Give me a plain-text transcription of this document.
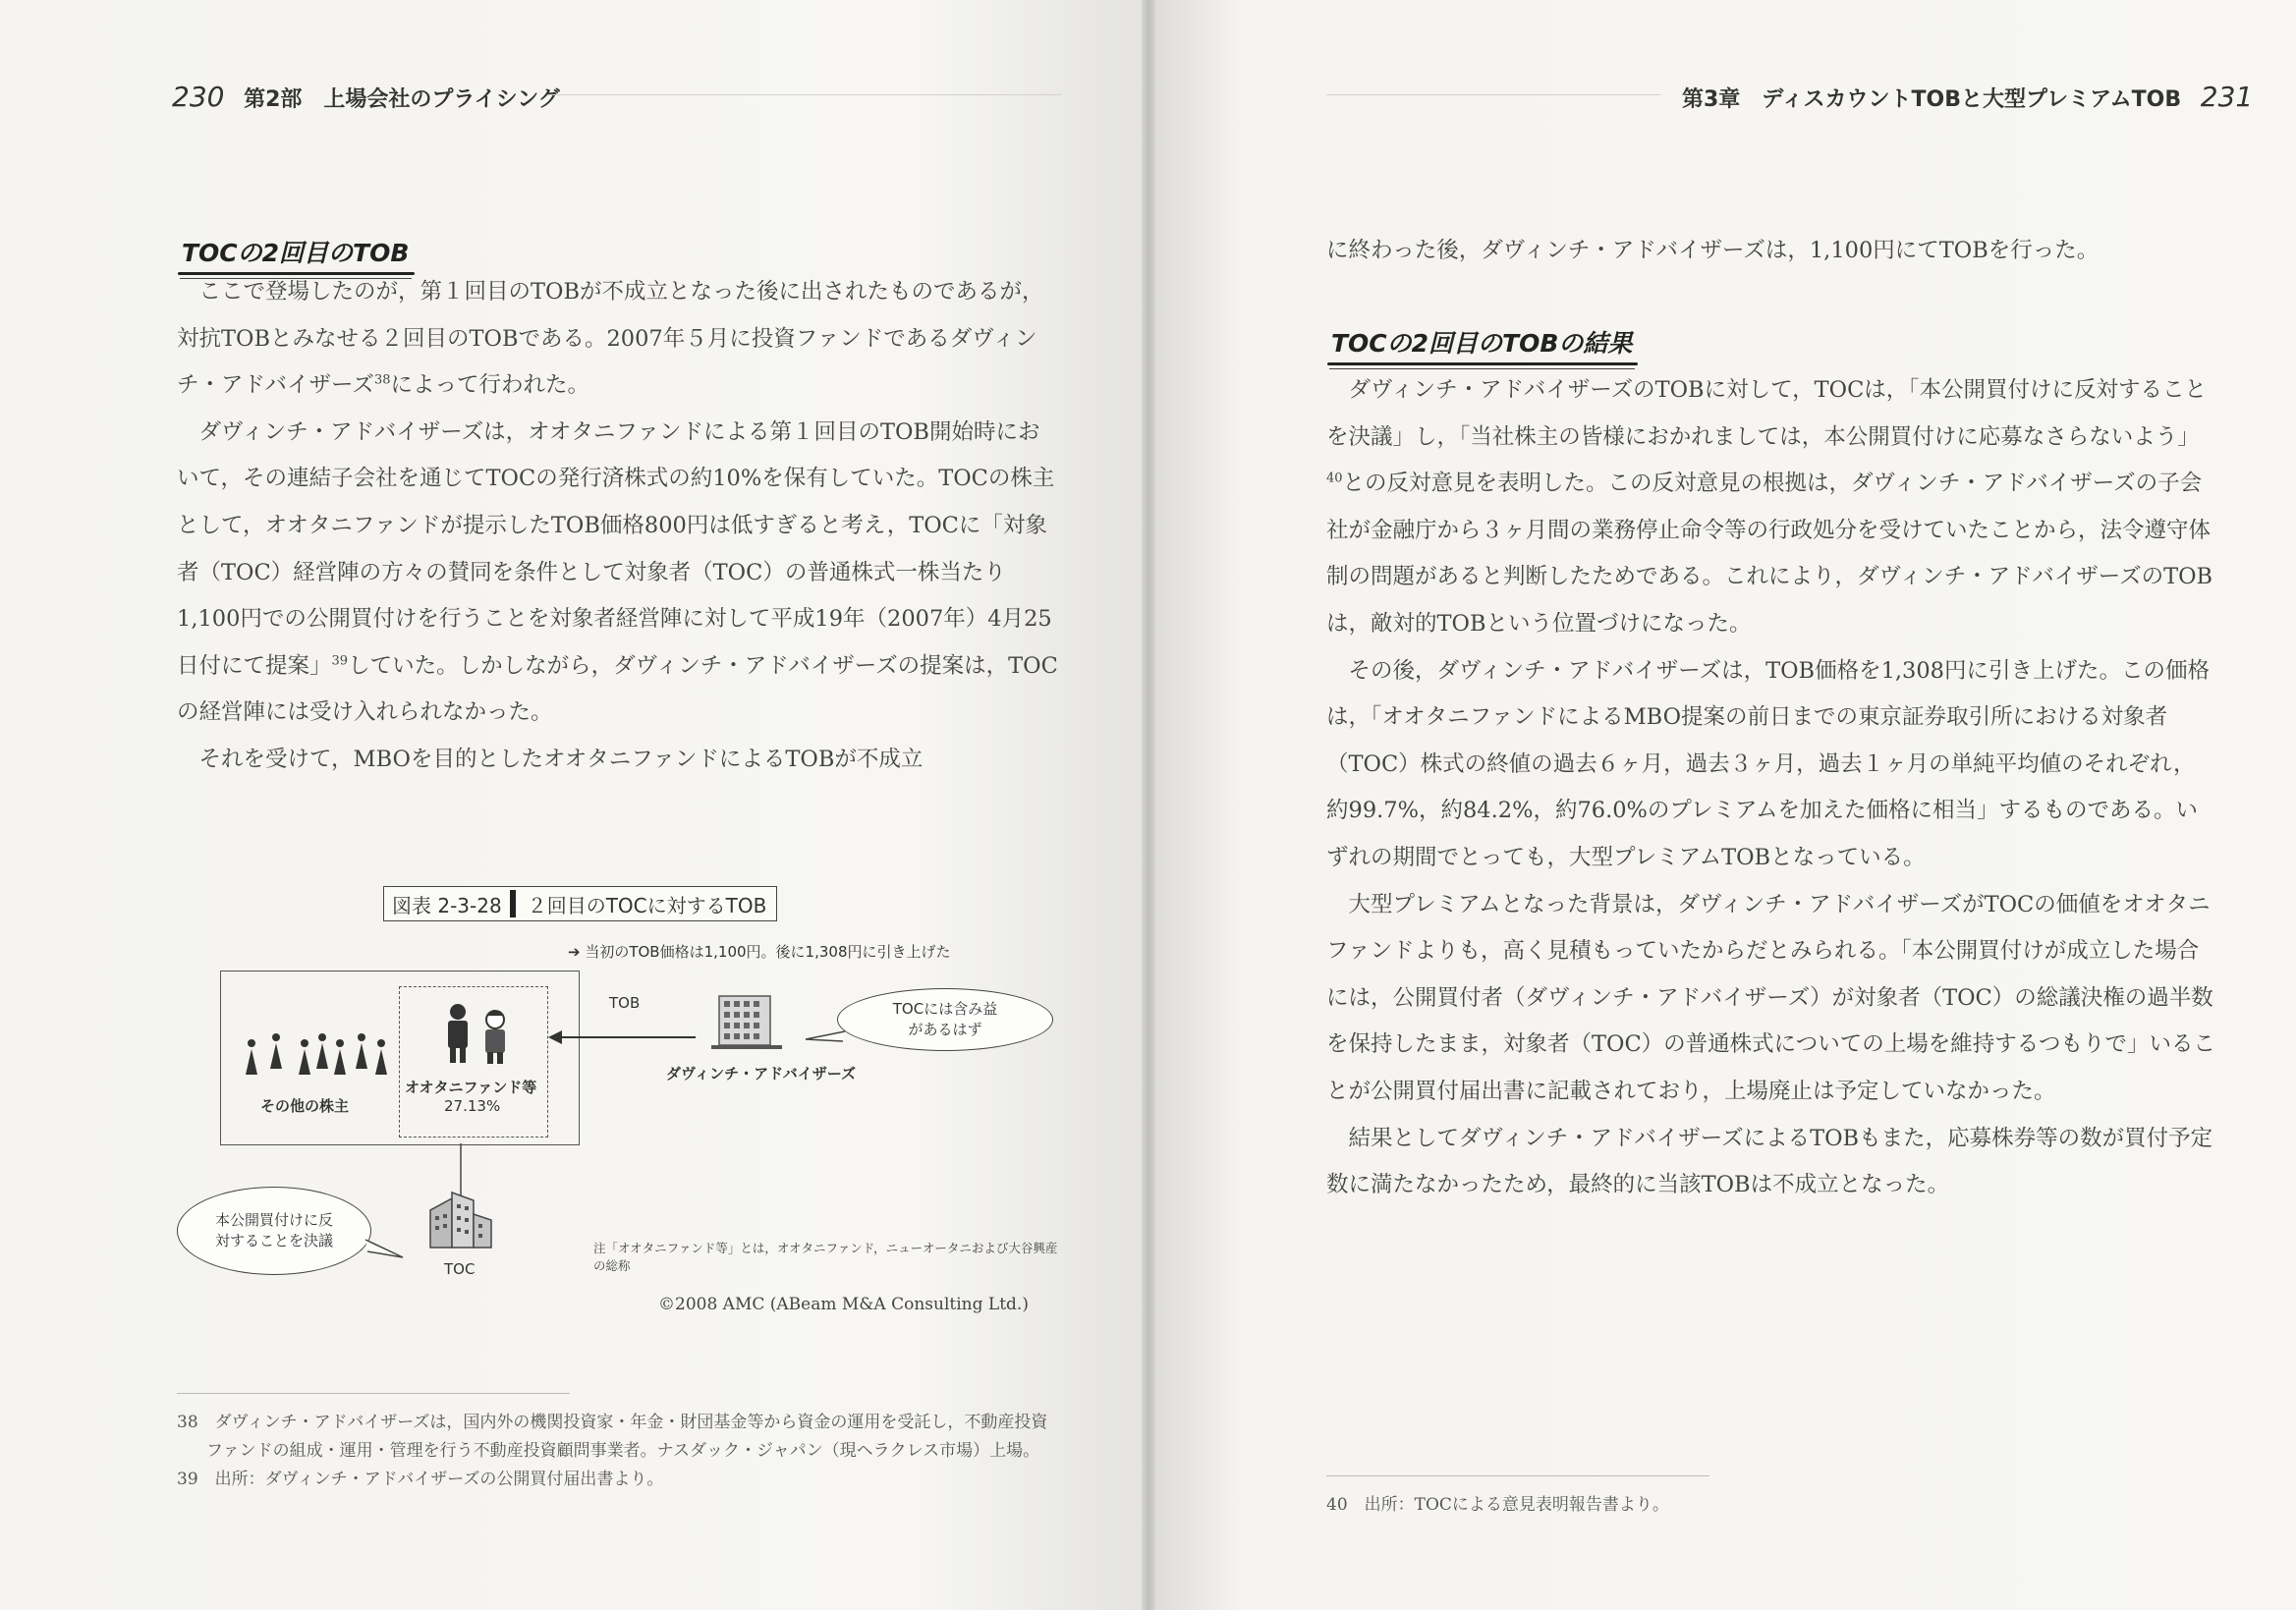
230 第2部　上場会社のプライシング
TOCの2回目のTOB

ここで登場したのが，第１回目のTOBが不成立となった後に出されたものであるが，対抗TOBとみなせる２回目のTOBである。2007年５月に投資ファンドであるダヴィンチ・アドバイザーズ$^{38}$によって行われた。

ダヴィンチ・アドバイザーズは，オオタニファンドによる第１回目のTOB開始時において，その連結子会社を通じてTOCの発行済株式の約10%を保有していた。TOCの株主として，オオタニファンドが提示したTOB価格800円は低すぎると考え，TOCに「対象者（TOC）経営陣の方々の賛同を条件として対象者（TOC）の普通株式一株当たり1,100円での公開買付けを行うことを対象者経営陣に対して平成19年（2007年）4月25日付にて提案」$^{39}$していた。しかしながら，ダヴィンチ・アドバイザーズの提案は，TOCの経営陣には受け入れられなかった。

それを受けて，MBOを目的としたオオタニファンドによるTOBが不成立

図表 2-3-28	２回目のTOCに対するTOB
➔ 当初のTOB価格は1,100円。後に1,308円に引き上げた
その他の株主
オオタニファンド等
27.13%
TOB
ダヴィンチ・アドバイザーズ
TOCには含み益があるはず
TOC
本公開買付けに反対することを決議	注「オオタニファンド等」とは，オオタニファンド，ニューオータニおよび大谷興産の総称
©2008 AMC (ABeam M&A Consulting Ltd.)

38　 ダヴィンチ・アドバイザーズは，国内外の機関投資家・年金・財団基金等から資金の運用を受託し，不動産投資ファンドの組成・運用・管理を行う不動産投資顧問事業者。ナスダック・ジャパン（現ヘラクレス市場）上場。

39　 出所：ダヴィンチ・アドバイザーズの公開買付届出書より。

第3章　ディスカウントTOBと大型プレミアムTOB 231

に終わった後，ダヴィンチ・アドバイザーズは，1,100円にてTOBを行った。

TOCの2回目のTOBの結果

ダヴィンチ・アドバイザーズのTOBに対して，TOCは，「本公開買付けに反対することを決議」し，「当社株主の皆様におかれましては，本公開買付けに応募なさらないよう」$^{40}$との反対意見を表明した。この反対意見の根拠は，ダヴィンチ・アドバイザーズの子会社が金融庁から３ヶ月間の業務停止命令等の行政処分を受けていたことから，法令遵守体制の問題があると判断したためである。これにより，ダヴィンチ・アドバイザーズのTOBは，敵対的TOBという位置づけになった。

その後，ダヴィンチ・アドバイザーズは，TOB価格を1,308円に引き上げた。この価格は，「オオタニファンドによるMBO提案の前日までの東京証券取引所における対象者（TOC）株式の終値の過去６ヶ月，過去３ヶ月，過去１ヶ月の単純平均値のそれぞれ，約99.7%，約84.2%，約76.0%のプレミアムを加えた価格に相当」するものである。いずれの期間でとっても，大型プレミアムTOBとなっている。

大型プレミアムとなった背景は，ダヴィンチ・アドバイザーズがTOCの価値をオオタニファンドよりも，高く見積もっていたからだとみられる。「本公開買付けが成立した場合には，公開買付者（ダヴィンチ・アドバイザーズ）が対象者（TOC）の総議決権の過半数を保持したまま，対象者（TOC）の普通株式についての上場を維持するつもりで」いることが公開買付届出書に記載されており，上場廃止は予定していなかった。

結果としてダヴィンチ・アドバイザーズによるTOBもまた，応募株券等の数が買付予定数に満たなかったため，最終的に当該TOBは不成立となった。

40　 出所：TOCによる意見表明報告書より。
